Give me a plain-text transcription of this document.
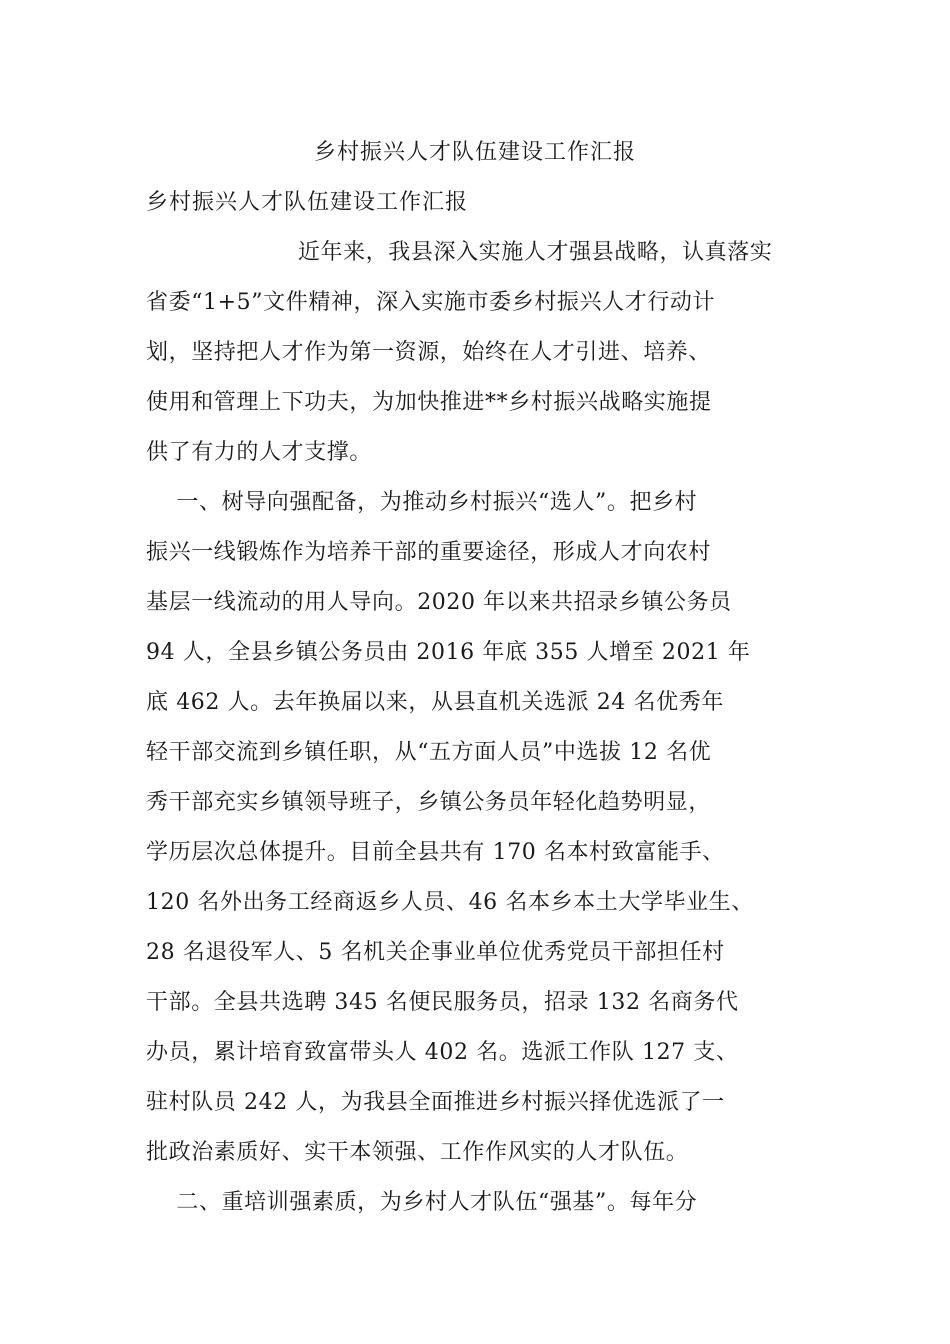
乡村振兴人才队伍建设工作汇报
乡村振兴人才队伍建设工作汇报
近年来，我县深入实施人才强县战略，认真落实
省委“1+5”文件精神，深入实施市委乡村振兴人才行动计
划，坚持把人才作为第一资源，始终在人才引进、培养、
使用和管理上下功夫，为加快推进**乡村振兴战略实施提
供了有力的人才支撑。
一、树导向强配备，为推动乡村振兴“选人”。把乡村
振兴一线锻炼作为培养干部的重要途径，形成人才向农村
基层一线流动的用人导向。2020 年以来共招录乡镇公务员
94 人，全县乡镇公务员由 2016 年底 355 人增至 2021 年
底 462 人。去年换届以来，从县直机关选派 24 名优秀年
轻干部交流到乡镇任职，从“五方面人员”中选拔 12 名优
秀干部充实乡镇领导班子，乡镇公务员年轻化趋势明显，
学历层次总体提升。目前全县共有 170 名本村致富能手、
120 名外出务工经商返乡人员、46 名本乡本土大学毕业生、
28 名退役军人、5 名机关企事业单位优秀党员干部担任村
干部。全县共选聘 345 名便民服务员，招录 132 名商务代
办员，累计培育致富带头人 402 名。选派工作队 127 支、
驻村队员 242 人，为我县全面推进乡村振兴择优选派了一
批政治素质好、实干本领强、工作作风实的人才队伍。
二、重培训强素质，为乡村人才队伍“强基”。每年分
